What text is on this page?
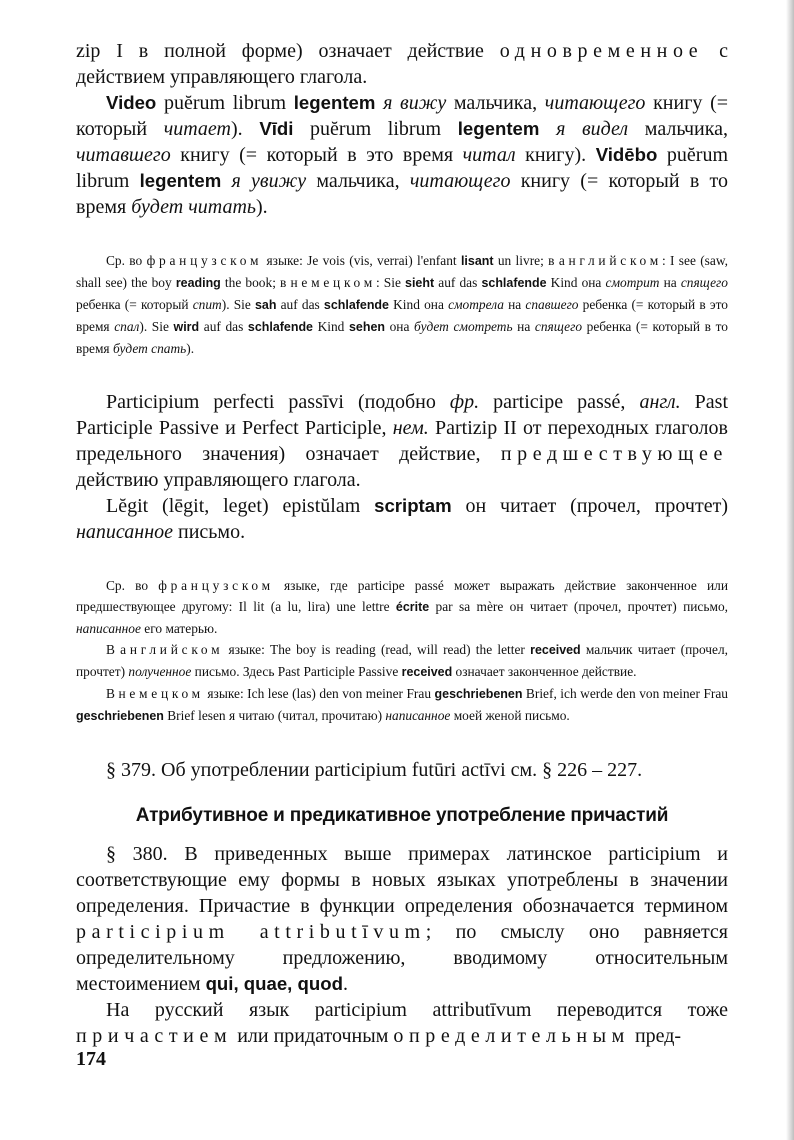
zip I в полной форме) означает действие одновременное с действием управляющего глагола.

Video puĕrum librum legentem я вижу мальчика, читающего книгу (= который читает). Vīdi puĕrum librum legentem я видел мальчика, читавшего книгу (= который в это время читал книгу). Vidēbo puĕrum librum legentem я увижу мальчика, читающего книгу (= который в то время будет читать).

Ср. во французском языке: Je vois (vis, verrai) l'enfant lisant un livre; в английском: I see (saw, shall see) the boy reading the book; в немецком: Sie sieht auf das schlafende Kind она смотрит на спящего ребенка (= который спит). Sie sah auf das schlafende Kind она смотрела на спавшего ребенка (= который в это время спал). Sie wird auf das schlafende Kind sehen она будет смотреть на спящего ребенка (= который в то время будет спать).

Participium perfecti passīvi (подобно фр. participe passé, англ. Past Participle Passive и Perfect Participle, нем. Partizip II от переходных глаголов предельного значения) означает действие, предшествующее действию управляющего глагола.

Lĕgit (lēgit, leget) epistŭlam scriptam он читает (прочел, прочтет) написанное письмо.

Ср. во французском языке, где participe passé может выражать действие законченное или предшествующее другому: Il lit (a lu, lira) une lettre écrite par sa mère он читает (прочел, прочтет) письмо, написанное его матерью.

В английском языке: The boy is reading (read, will read) the letter received мальчик читает (прочел, прочтет) полученное письмо. Здесь Past Participle Passive received означает законченное действие.

В немецком языке: Ich lese (las) den von meiner Frau geschriebenen Brief, ich werde den von meiner Frau geschriebenen Brief lesen я читаю (читал, прочитаю) написанное моей женой письмо.

§ 379. Об употреблении participium futūri actīvi см. § 226 – 227.

Атрибутивное и предикативное употребление причастий

§ 380. В приведенных выше примерах латинское participium и соответствующие ему формы в новых языках употреблены в значении определения. Причастие в функции определения обозначается термином participium attributīvum; по смыслу оно равняется определительному предложению, вводимому относительным местоимением qui, quae, quod.

На русский язык participium attributīvum переводится тоже причастием или придаточным определительным пред-

174
